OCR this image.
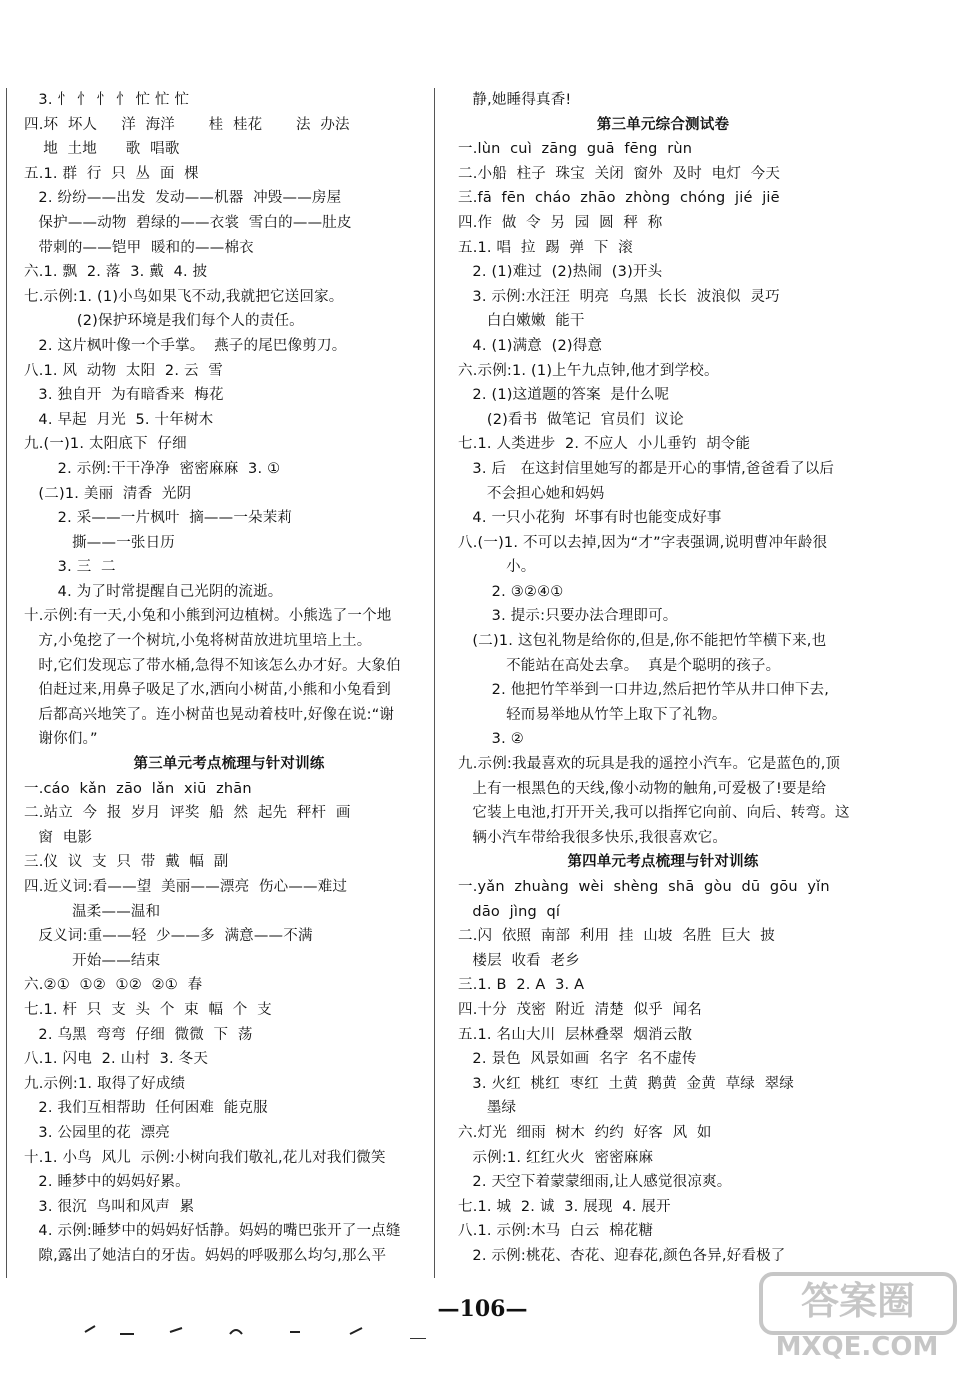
3. 忄 忄 忄 忄 忙 忙 忙
四.坏  坏人     洋  海洋       桂  桂花       法  办法
地  土地      歌  唱歌
五.1. 群  行  只  丛  面  棵
2. 纷纷——出发  发动——机器  冲毁——房屋
保护——动物  碧绿的——衣裳  雪白的——肚皮
带刺的——铠甲  暖和的——棉衣
六.1. 飘  2. 落  3. 戴  4. 披
七.示例:1. (1)小鸟如果飞不动,我就把它送回家。
(2)保护环境是我们每个人的责任。
2. 这片枫叶像一个手掌。  燕子的尾巴像剪刀。
八.1. 风  动物  太阳  2. 云  雪
3. 独自开  为有暗香来  梅花
4. 早起  月光  5. 十年树木
九.(一)1. 太阳底下  仔细
2. 示例:干干净净  密密麻麻  3. ①
(二)1. 美丽  清香  光阴
2. 采——一片枫叶  摘——一朵茉莉
撕——一张日历
3. 三  二
4. 为了时常提醒自己光阴的流逝。
十.示例:有一天,小兔和小熊到河边植树。小熊选了一个地
方,小兔挖了一个树坑,小兔将树苗放进坑里培上土。
时,它们发现忘了带水桶,急得不知该怎么办才好。大象伯
伯赶过来,用鼻子吸足了水,洒向小树苗,小熊和小兔看到
后都高兴地笑了。连小树苗也晃动着枝叶,好像在说:“谢
谢你们。”
第三单元考点梳理与针对训练
一.cáo  kǎn  zāo  lǎn  xiū  zhān
二.站立  今  报  岁月  评奖  船  然  起先  秤杆  画
窗  电影
三.仪  议  支  只  带  戴  幅  副
四.近义词:看——望  美丽——漂亮  伤心——难过
温柔——温和
反义词:重——轻  少——多  满意——不满
开始——结束
六.②①  ①②  ①②  ②①  春
七.1. 杆  只  支  头  个  束  幅  个  支
2. 乌黑  弯弯  仔细  微微  下  荡
八.1. 闪电  2. 山村  3. 冬天
九.示例:1. 取得了好成绩
2. 我们互相帮助  任何困难  能克服
3. 公园里的花  漂亮
十.1. 小鸟  风儿  示例:小树向我们敬礼,花儿对我们微笑
2. 睡梦中的妈妈好累。
3. 很沉  鸟叫和风声  累
4. 示例:睡梦中的妈妈好恬静。妈妈的嘴巴张开了一点缝
隙,露出了她洁白的牙齿。妈妈的呼吸那么均匀,那么平
静,她睡得真香!
第三单元综合测试卷
一.lùn  cuì  zāng  guā  fēng  rùn
二.小船  柱子  珠宝  关闭  窗外  及时  电灯  今天
三.fā  fēn  cháo  zhāo  zhòng  chóng  jié  jiē
四.作  做  令  另  园  圆  秤  称
五.1. 唱  拉  踢  弹  下  滚
2. (1)难过  (2)热闹  (3)开头
3. 示例:水汪汪  明亮  乌黑  长长  波浪似  灵巧
白白嫩嫩  能干
4. (1)满意  (2)得意
六.示例:1. (1)上午九点钟,他才到学校。
2. (1)这道题的答案  是什么呢
(2)看书  做笔记  官员们  议论
七.1. 人类进步  2. 不应人  小儿垂钓  胡令能
3. 后   在这封信里她写的都是开心的事情,爸爸看了以后
不会担心她和妈妈
4. 一只小花狗  坏事有时也能变成好事
八.(一)1. 不可以去掉,因为“才”字表强调,说明曹冲年龄很
小。
2. ③②④①
3. 提示:只要办法合理即可。
(二)1. 这包礼物是给你的,但是,你不能把竹竿横下来,也
不能站在高处去拿。  真是个聪明的孩子。
2. 他把竹竿举到一口井边,然后把竹竿从井口伸下去,
轻而易举地从竹竿上取下了礼物。
3. ②
九.示例:我最喜欢的玩具是我的遥控小汽车。它是蓝色的,顶
上有一根黑色的天线,像小动物的触角,可爱极了!要是给
它装上电池,打开开关,我可以指挥它向前、向后、转弯。这
辆小汽车带给我很多快乐,我很喜欢它。
第四单元考点梳理与针对训练
一.yǎn  zhuàng  wèi  shèng  shā  gòu  dū  gōu  yǐn
dāo  jìng  qí
二.闪  依照  南部  利用  挂  山坡  名胜  巨大  披
楼层  收看  老乡
三.1. B  2. A  3. A
四.十分  茂密  附近  清楚  似乎  闻名
五.1. 名山大川  层林叠翠  烟消云散
2. 景色  风景如画  名字  名不虚传
3. 火红  桃红  枣红  土黄  鹅黄  金黄  草绿  翠绿
墨绿
六.灯光  细雨  树木  约约  好客  风  如
示例:1. 红红火火  密密麻麻
2. 天空下着蒙蒙细雨,让人感觉很凉爽。
七.1. 城  2. 诚  3. 展现  4. 展开
八.1. 示例:木马  白云  棉花糖
2. 示例:桃花、杏花、迎春花,颜色各异,好看极了
—106—	答案圈
MXQE.COM
